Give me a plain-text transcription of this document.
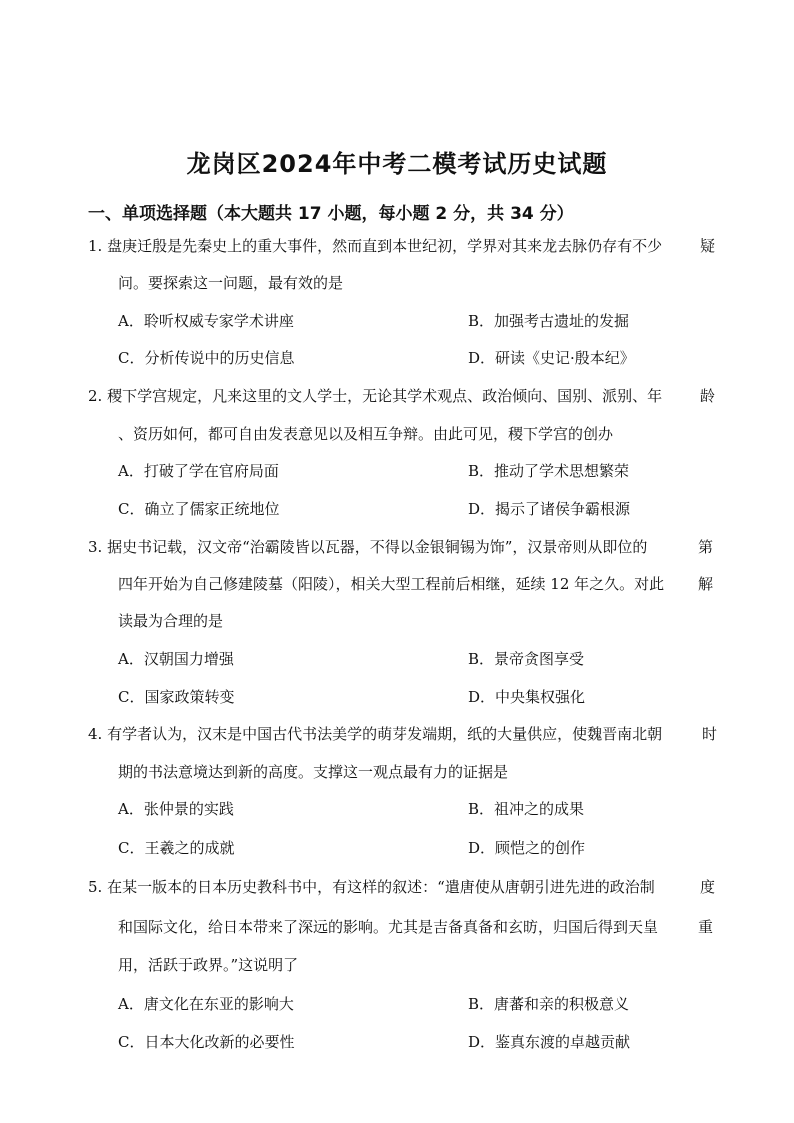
龙岗区2024年中考二模考试历史试题
一、单项选择题（本大题共 17 小题，每小题 2 分，共 34 分）
1. 盘庚迁殷是先秦史上的重大事件，然而直到本世纪初，学界对其来龙去脉仍存有不少	疑
问。要探索这一问题，最有效的是
A．聆听权威专家学术讲座	B．加强考古遗址的发掘
C．分析传说中的历史信息	D．研读《史记·殷本纪》
2. 稷下学宫规定，凡来这里的文人学士，无论其学术观点、政治倾向、国别、派别、年	龄
、资历如何，都可自由发表意见以及相互争辩。由此可见，稷下学宫的创办
A．打破了学在官府局面	B．推动了学术思想繁荣
C．确立了儒家正统地位	D．揭示了诸侯争霸根源
3. 据史书记载，汉文帝“治霸陵皆以瓦器，不得以金银铜锡为饰”，汉景帝则从即位的	第
四年开始为自己修建陵墓（阳陵），相关大型工程前后相继，延续 12 年之久。对此 解
读最为合理的是
A．汉朝国力增强	B．景帝贪图享受
C．国家政策转变	D．中央集权强化
4. 有学者认为，汉末是中国古代书法美学的萌芽发端期，纸的大量供应，使魏晋南北朝	时
期的书法意境达到新的高度。支撑这一观点最有力的证据是
A．张仲景的实践	B．祖冲之的成果
C．王羲之的成就	D．顾恺之的创作
5. 在某一版本的日本历史教科书中，有这样的叙述：“遣唐使从唐朝引进先进的政治制	度
和国际文化，给日本带来了深远的影响。尤其是吉备真备和玄昉，归国后得到天皇	重
用，活跃于政界。”这说明了
A．唐文化在东亚的影响大	B．唐蕃和亲的积极意义
C．日本大化改新的必要性	D．鉴真东渡的卓越贡献
